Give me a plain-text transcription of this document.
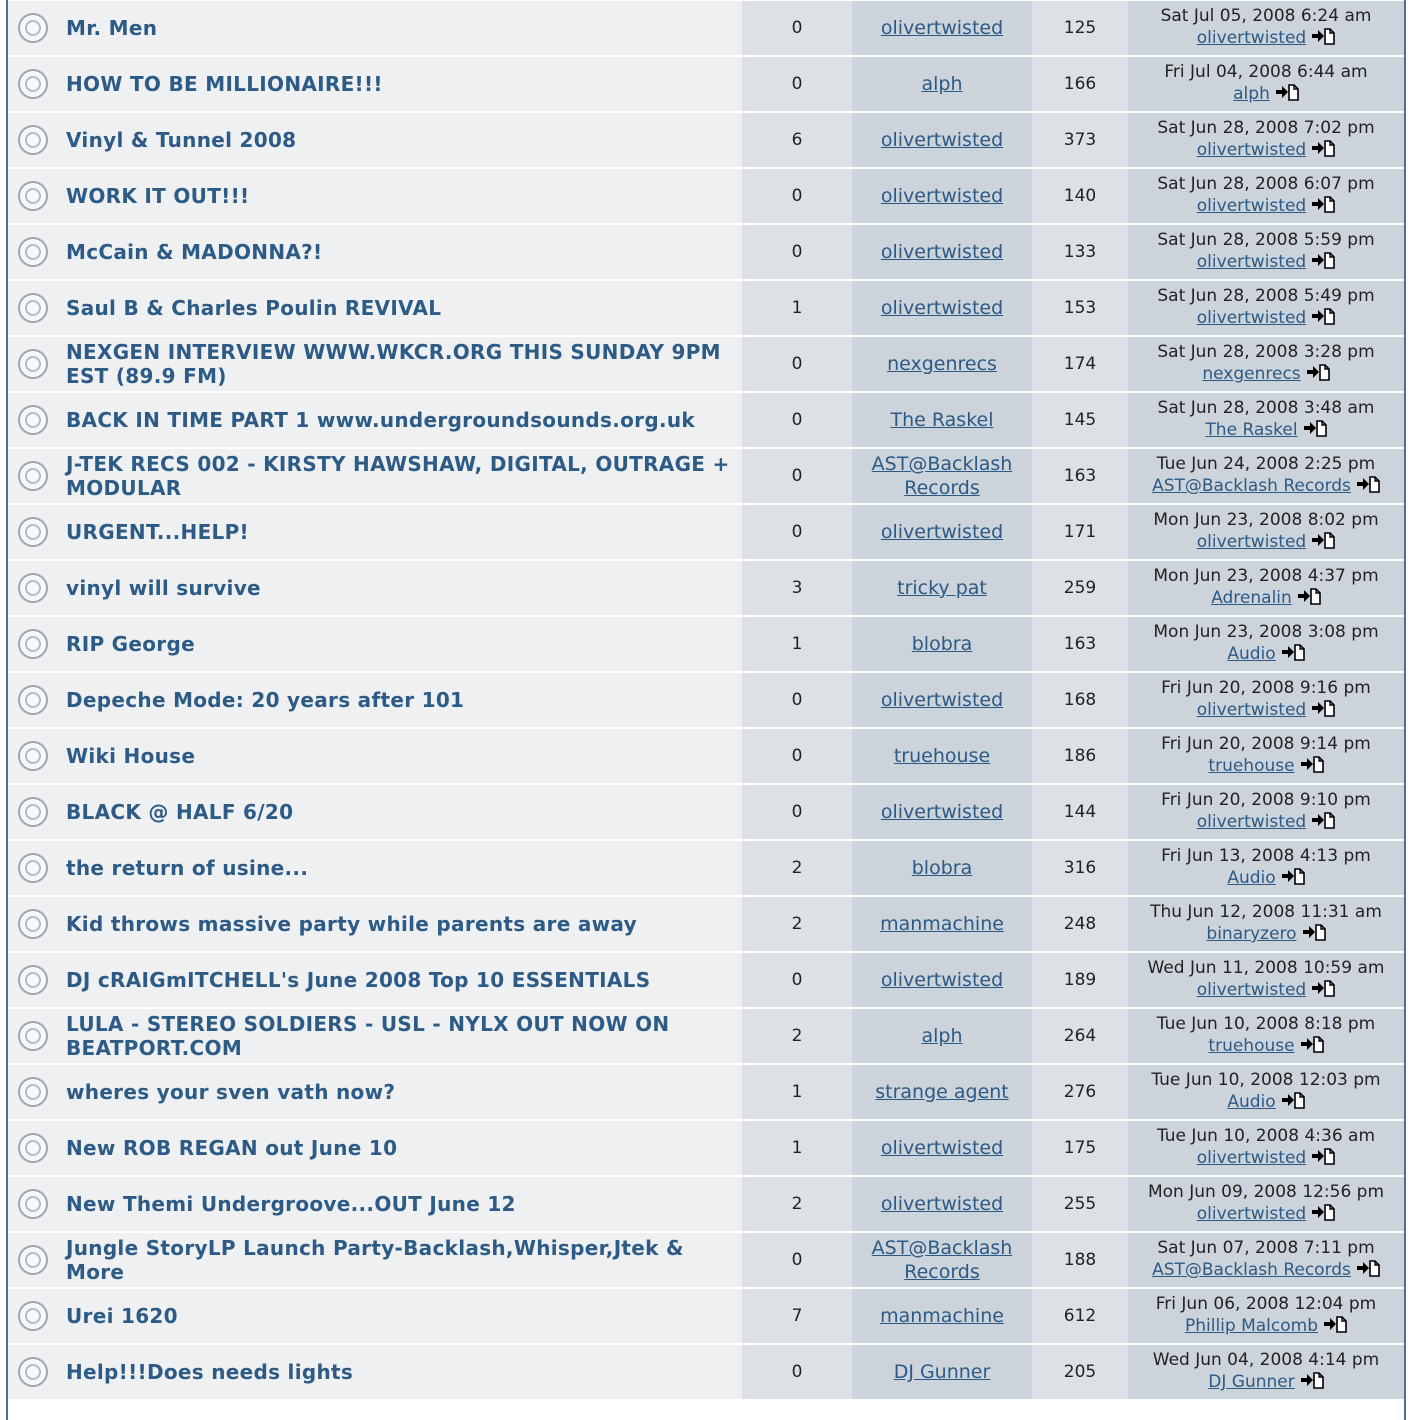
	Mr. Men	0	olivertwisted	125	Sat Jul 05, 2008 6:24 am
olivertwisted

	HOW TO BE MILLIONAIRE!!!	0	alph	166	Fri Jul 04, 2008 6:44 am
alph

	Vinyl & Tunnel 2008	6	olivertwisted	373	Sat Jun 28, 2008 7:02 pm
olivertwisted

	WORK IT OUT!!!	0	olivertwisted	140	Sat Jun 28, 2008 6:07 pm
olivertwisted

	McCain & MADONNA?!	0	olivertwisted	133	Sat Jun 28, 2008 5:59 pm
olivertwisted

	Saul B & Charles Poulin REVIVAL	1	olivertwisted	153	Sat Jun 28, 2008 5:49 pm
olivertwisted

	NEXGEN INTERVIEW WWW.WKCR.ORG THIS SUNDAY 9PM EST (89.9 FM)	0	nexgenrecs	174	Sat Jun 28, 2008 3:28 pm
nexgenrecs

	BACK IN TIME PART 1 www.undergroundsounds.org.uk	0	The Raskel	145	Sat Jun 28, 2008 3:48 am
The Raskel

	J-TEK RECS 002 - KIRSTY HAWSHAW, DIGITAL, OUTRAGE + MODULAR	0	AST@Backlash Records	163	Tue Jun 24, 2008 2:25 pm
AST@Backlash Records

	URGENT...HELP!	0	olivertwisted	171	Mon Jun 23, 2008 8:02 pm
olivertwisted

	vinyl will survive	3	tricky pat	259	Mon Jun 23, 2008 4:37 pm
Adrenalin

	RIP George	1	blobra	163	Mon Jun 23, 2008 3:08 pm
Audio

	Depeche Mode: 20 years after 101	0	olivertwisted	168	Fri Jun 20, 2008 9:16 pm
olivertwisted

	Wiki House	0	truehouse	186	Fri Jun 20, 2008 9:14 pm
truehouse

	BLACK @ HALF 6/20	0	olivertwisted	144	Fri Jun 20, 2008 9:10 pm
olivertwisted

	the return of usine...	2	blobra	316	Fri Jun 13, 2008 4:13 pm
Audio

	Kid throws massive party while parents are away	2	manmachine	248	Thu Jun 12, 2008 11:31 am
binaryzero

	DJ cRAIGmITCHELL's June 2008 Top 10 ESSENTIALS	0	olivertwisted	189	Wed Jun 11, 2008 10:59 am
olivertwisted

	LULA - STEREO SOLDIERS - USL - NYLX OUT NOW ON BEATPORT.COM	2	alph	264	Tue Jun 10, 2008 8:18 pm
truehouse

	wheres your sven vath now?	1	strange agent	276	Tue Jun 10, 2008 12:03 pm
Audio

	New ROB REGAN out June 10	1	olivertwisted	175	Tue Jun 10, 2008 4:36 am
olivertwisted

	New Themi Undergroove...OUT June 12	2	olivertwisted	255	Mon Jun 09, 2008 12:56 pm
olivertwisted

	Jungle StoryLP Launch Party-Backlash,Whisper,Jtek & More	0	AST@Backlash Records	188	Sat Jun 07, 2008 7:11 pm
AST@Backlash Records

	Urei 1620	7	manmachine	612	Fri Jun 06, 2008 12:04 pm
Phillip Malcomb

	Help!!!Does needs lights	0	DJ Gunner	205	Wed Jun 04, 2008 4:14 pm
DJ Gunner
